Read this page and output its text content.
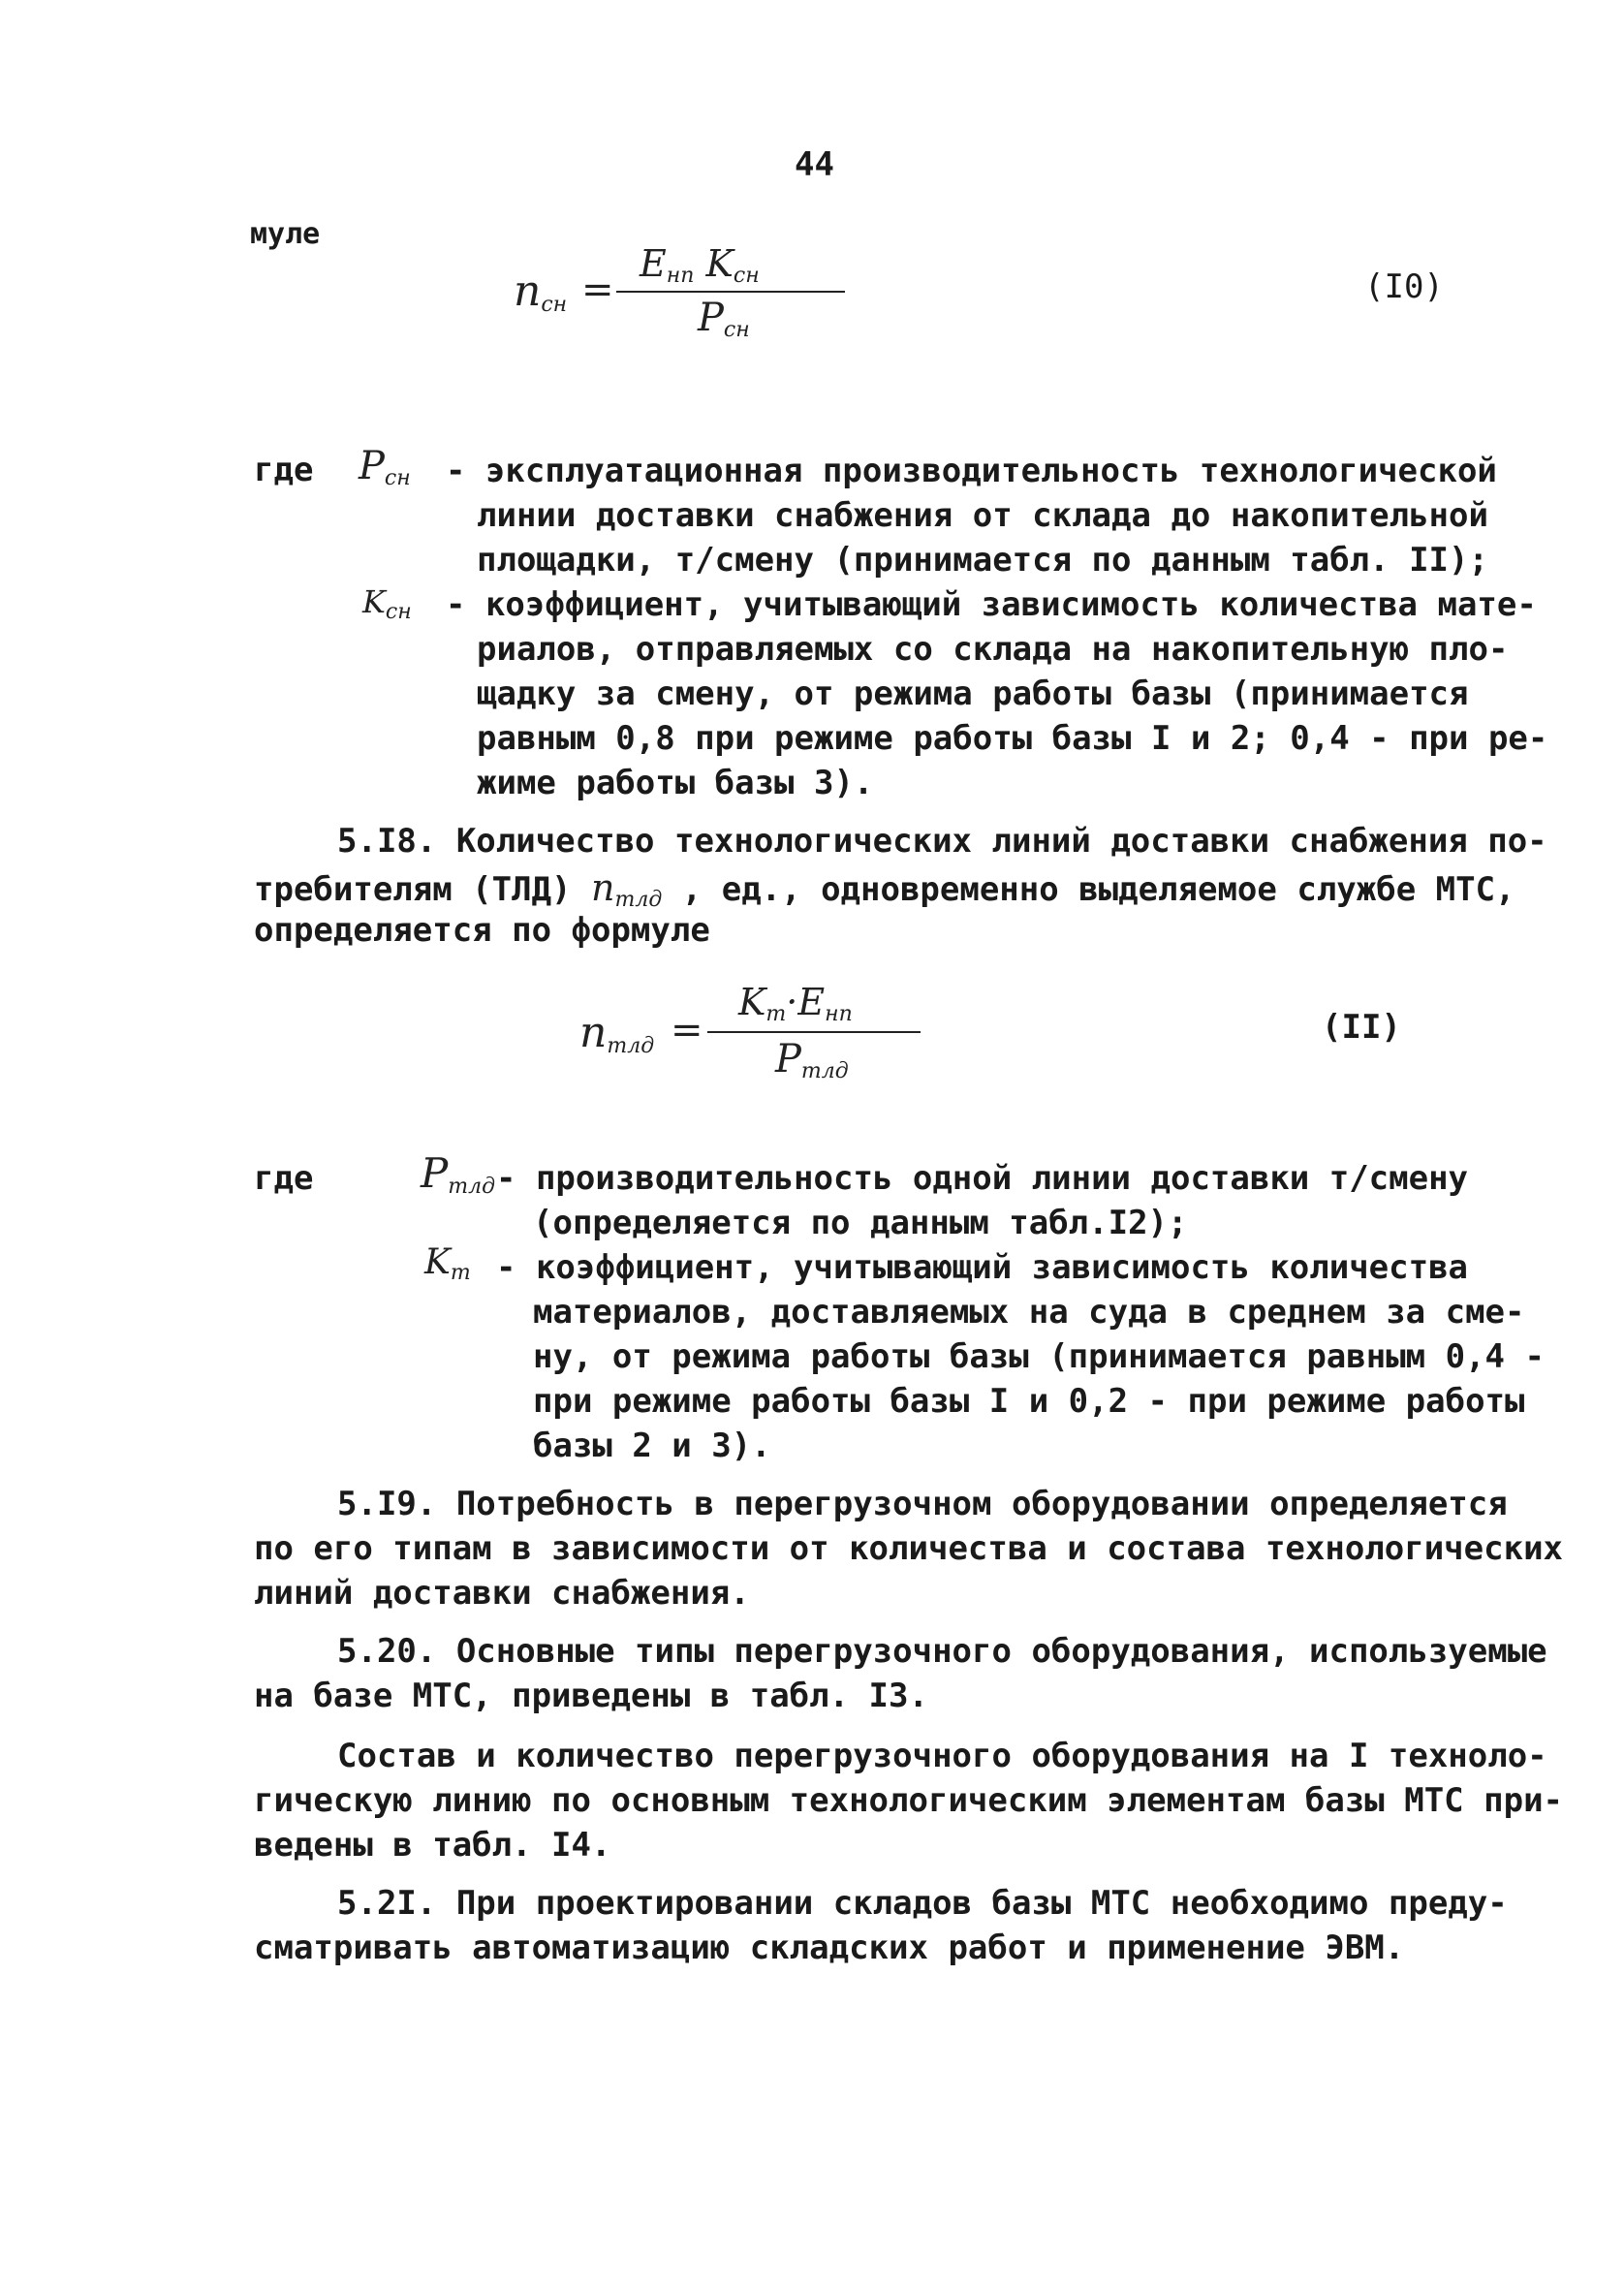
44
муле
$n_{сн}$ =
$E_{нп}$ $K_{сн}$
$P_{сн}$
(I0)
где $P_{сн}$
$K_{сн}$
- эксплуатационная производительность технологической
линии доставки снабжения от склада до накопительной
площадки, т/смену (принимается по данным табл. II);
- коэффициент, учитывающий зависимость количества мате-
риалов, отправляемых со склада на накопительную пло-
щадку за смену, от режима работы базы (принимается
равным 0,8 при режиме работы базы I и 2; 0,4 - при ре-
жиме работы базы 3).
5.I8. Количество технологических линий доставки снабжения по-
требителям (ТЛД) $n_{тлд}$ , ед., одновременно выделяемое службе МТС,
определяется по формуле
$n_{тлд}$ =
$K_т\cdot E_{нп}$
$P_{тлд}$
(II)
где	$P_{тлд}$
$K_т$
- производительность одной линии доставки т/смену
(определяется по данным табл.I2);
- коэффициент, учитывающий зависимость количества
материалов, доставляемых на суда в среднем за сме-
ну, от режима работы базы (принимается равным 0,4 -
при режиме работы базы I и 0,2 - при режиме работы
базы 2 и 3).
5.I9. Потребность в перегрузочном оборудовании определяется
по его типам в зависимости от количества и состава технологических
линий доставки снабжения.
5.20. Основные типы перегрузочного оборудования, используемые
на базе МТС, приведены в табл. I3.
Состав и количество перегрузочного оборудования на I техноло-
гическую линию по основным технологическим элементам базы МТС при-
ведены в табл. I4.
5.2I. При проектировании складов базы МТС необходимо преду-
сматривать автоматизацию складских работ и применение ЭВМ.
